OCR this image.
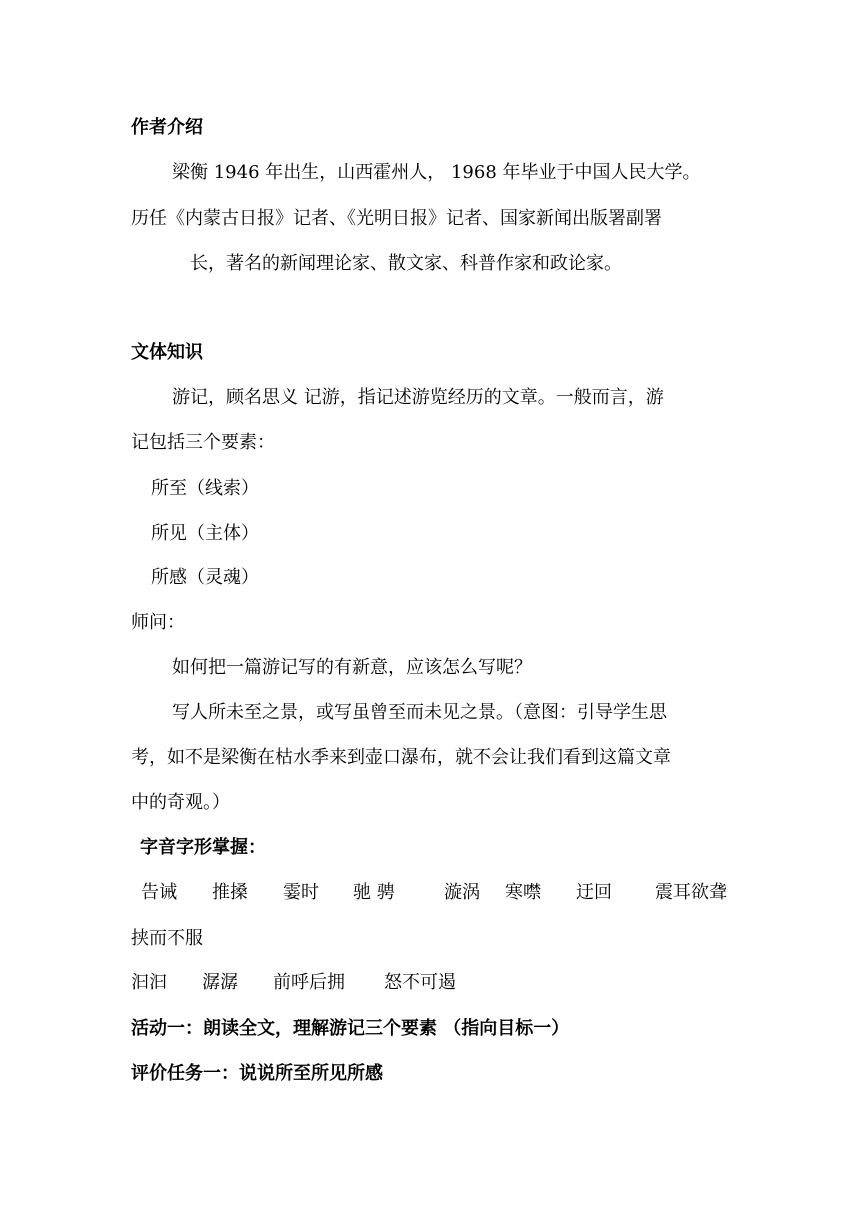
作者介绍
梁衡 1946 年出生，山西霍州人， 1968 年毕业于中国人民大学。
历任《内蒙古日报》记者、《光明日报》记者、国家新闻出版署副署
长，著名的新闻理论家、散文家、科普作家和政论家。
文体知识
游记，顾名思义 记游，指记述游览经历的文章。一般而言，游
记包括三个要素：
所至（线索）
所见（主体）
所感（灵魂）
师问：
如何把一篇游记写的有新意，应该怎么写呢？
写人所未至之景，或写虽曾至而未见之景。（意图：引导学生思
考，如不是梁衡在枯水季来到壶口瀑布，就不会让我们看到这篇文章
中的奇观。）
字音字形掌握：
告诫 推搡 霎时 驰 骋	漩涡 寒噤 迂回 震耳欲聋
挟而不服
汩汩 潺潺 前呼后拥 怒不可遏
活动一：朗读全文，理解游记三个要素 （指向目标一）
评价任务一：说说所至所见所感
